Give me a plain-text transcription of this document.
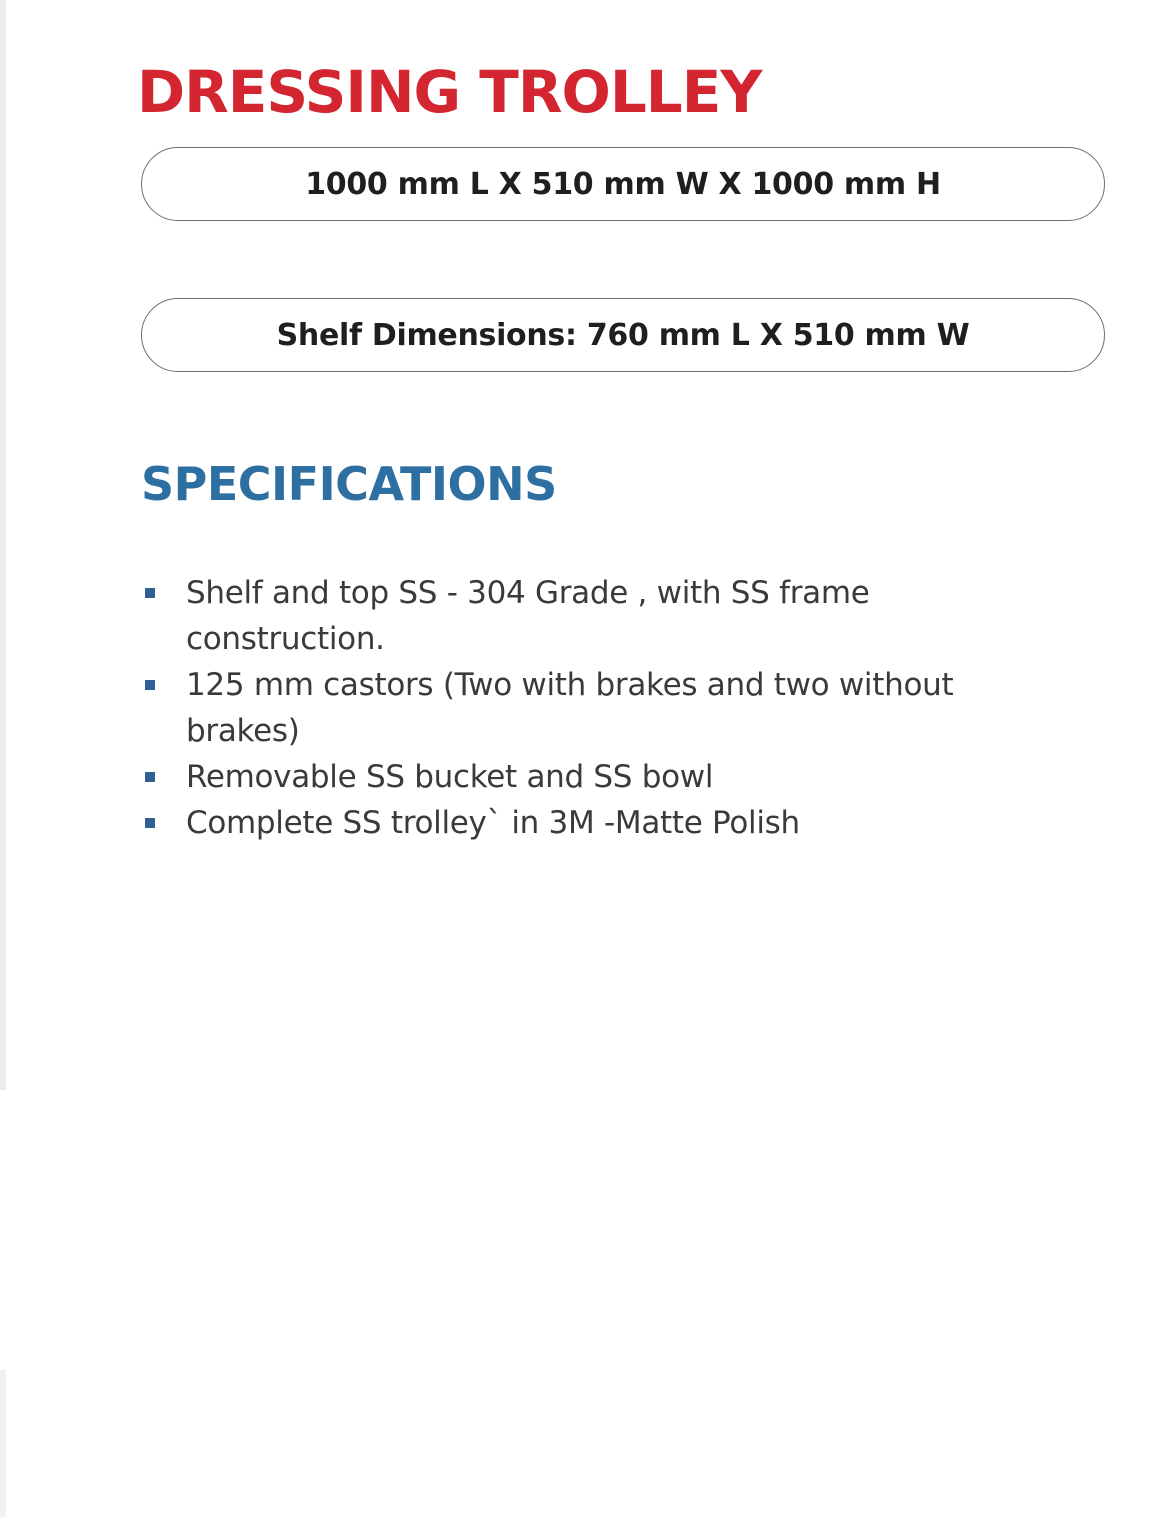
DRESSING TROLLEY
1000 mm L X 510 mm W X 1000 mm H
Shelf Dimensions: 760 mm L X 510 mm W
SPECIFICATIONS
Shelf and top SS - 304 Grade , with SS frame construction.
125 mm castors (Two with brakes and two without brakes)
Removable SS bucket and SS bowl
Complete SS trolley` in 3M -Matte Polish
